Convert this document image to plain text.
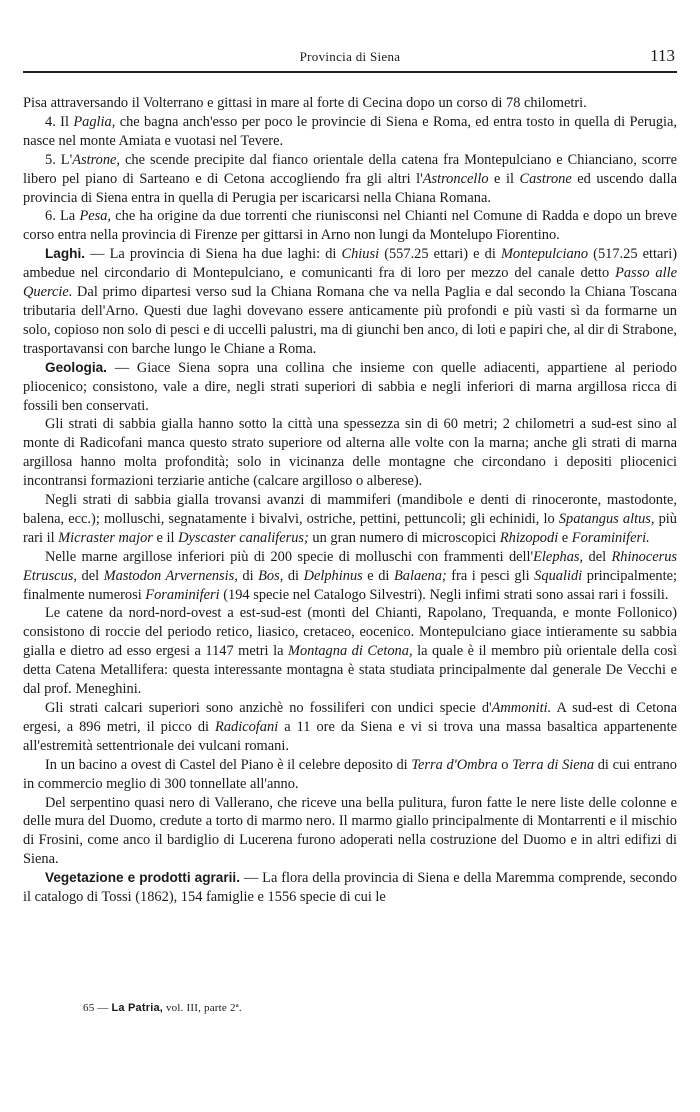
Provincia di Siena	113

Pisa attraversando il Volterrano e gittasi in mare al forte di Cecina dopo un corso di 78 chilometri.

4. Il Paglia, che bagna anch'esso per poco le provincie di Siena e Roma, ed entra tosto in quella di Perugia, nasce nel monte Amiata e vuotasi nel Tevere.

5. L'Astrone, che scende precipite dal fianco orientale della catena fra Montepulciano e Chianciano, scorre libero pel piano di Sarteano e di Cetona accogliendo fra gli altri l'Astroncello e il Castrone ed uscendo dalla provincia di Siena entra in quella di Perugia per iscaricarsi nella Chiana Romana.

6. La Pesa, che ha origine da due torrenti che riunisconsi nel Chianti nel Comune di Radda e dopo un breve corso entra nella provincia di Firenze per gittarsi in Arno non lungi da Montelupo Fiorentino.

Laghi. — La provincia di Siena ha due laghi: di Chiusi (557.25 ettari) e di Montepulciano (517.25 ettari) ambedue nel circondario di Montepulciano, e comunicanti fra di loro per mezzo del canale detto Passo alle Quercie. Dal primo dipartesi verso sud la Chiana Romana che va nella Paglia e dal secondo la Chiana Toscana tributaria dell'Arno. Questi due laghi dovevano essere anticamente più profondi e più vasti sì da formarne un solo, copioso non solo di pesci e di uccelli palustri, ma di giunchi ben anco, di loti e papiri che, al dir di Strabone, trasportavansi con barche lungo le Chiane a Roma.

Geologia. — Giace Siena sopra una collina che insieme con quelle adiacenti, appartiene al periodo pliocenico; consistono, vale a dire, negli strati superiori di sabbia e negli inferiori di marna argillosa ricca di fossili ben conservati.

Gli strati di sabbia gialla hanno sotto la città una spessezza sin di 60 metri; 2 chilometri a sud-est sino al monte di Radicofani manca questo strato superiore od alterna alle volte con la marna; anche gli strati di marna argillosa hanno molta profondità; solo in vicinanza delle montagne che circondano i depositi pliocenici incontransi formazioni terziarie antiche (calcare argilloso o alberese).

Negli strati di sabbia gialla trovansi avanzi di mammiferi (mandibole e denti di rinoceronte, mastodonte, balena, ecc.); molluschi, segnatamente i bivalvi, ostriche, pettini, pettuncoli; gli echinidi, lo Spatangus altus, più rari il Micraster major e il Dyscaster canaliferus; un gran numero di microscopici Rhizopodi e Foraminiferi.

Nelle marne argillose inferiori più di 200 specie di molluschi con frammenti dell'Elephas, del Rhinocerus Etruscus, del Mastodon Arvernensis, di Bos, di Delphinus e di Balaena; fra i pesci gli Squalidi principalmente; finalmente numerosi Foraminiferi (194 specie nel Catalogo Silvestri). Negli infimi strati sono assai rari i fossili.

Le catene da nord-nord-ovest a est-sud-est (monti del Chianti, Rapolano, Trequanda, e monte Follonico) consistono di roccie del periodo retico, liasico, cretaceo, eocenico. Montepulciano giace intieramente su sabbia gialla e dietro ad esso ergesi a 1147 metri la Montagna di Cetona, la quale è il membro più orientale della così detta Catena Metallifera: questa interessante montagna è stata studiata principalmente dal generale De Vecchi e dal prof. Meneghini.

Gli strati calcari superiori sono anzichè no fossiliferi con undici specie d'Ammoniti. A sud-est di Cetona ergesi, a 896 metri, il picco di Radicofani a 11 ore da Siena e vi si trova una massa basaltica appartenente all'estremità settentrionale dei vulcani romani.

In un bacino a ovest di Castel del Piano è il celebre deposito di Terra d'Ombra o Terra di Siena di cui entrano in commercio meglio di 300 tonnellate all'anno.

Del serpentino quasi nero di Vallerano, che riceve una bella pulitura, furon fatte le nere liste delle colonne e delle mura del Duomo, credute a torto di marmo nero. Il marmo giallo principalmente di Montarrenti e il mischio di Frosini, come anco il bardiglio di Lucerena furono adoperati nella costruzione del Duomo e in altri edifizi di Siena.

Vegetazione e prodotti agrarii. — La flora della provincia di Siena e della Maremma comprende, secondo il catalogo di Tossi (1862), 154 famiglie e 1556 specie di cui le

65 — La Patria, vol. III, parte 2ª.
